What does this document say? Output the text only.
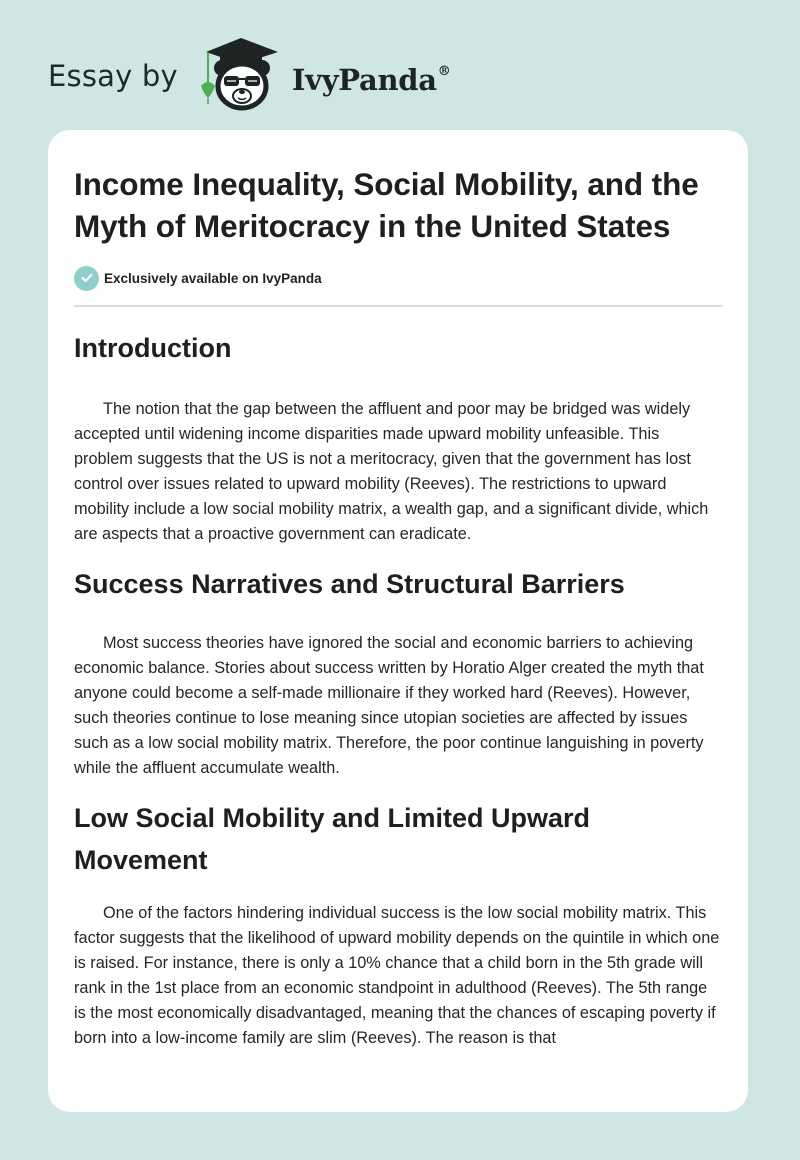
Essay by	IvyPanda®
Income Inequality, Social Mobility, and the Myth of Meritocracy in the United States
Exclusively available on IvyPanda
Introduction

The notion that the gap between the affluent and poor may be bridged was widely accepted until widening income disparities made upward mobility unfeasible. This problem suggests that the US is not a meritocracy, given that the government has lost control over issues related to upward mobility (Reeves). The restrictions to upward mobility include a low social mobility matrix, a wealth gap, and a significant divide, which are aspects that a proactive government can eradicate.

Success Narratives and Structural Barriers

Most success theories have ignored the social and economic barriers to achieving economic balance. Stories about success written by Horatio Alger created the myth that anyone could become a self-made millionaire if they worked hard (Reeves). However, such theories continue to lose meaning since utopian societies are affected by issues such as a low social mobility matrix. Therefore, the poor continue languishing in poverty while the affluent accumulate wealth.

Low Social Mobility and Limited Upward Movement

One of the factors hindering individual success is the low social mobility matrix. This factor suggests that the likelihood of upward mobility depends on the quintile in which one is raised. For instance, there is only a 10% chance that a child born in the 5th grade will rank in the 1st place from an economic standpoint in adulthood (Reeves). The 5th range is the most economically disadvantaged, meaning that the chances of escaping poverty if born into a low-income family are slim (Reeves). The reason is that
